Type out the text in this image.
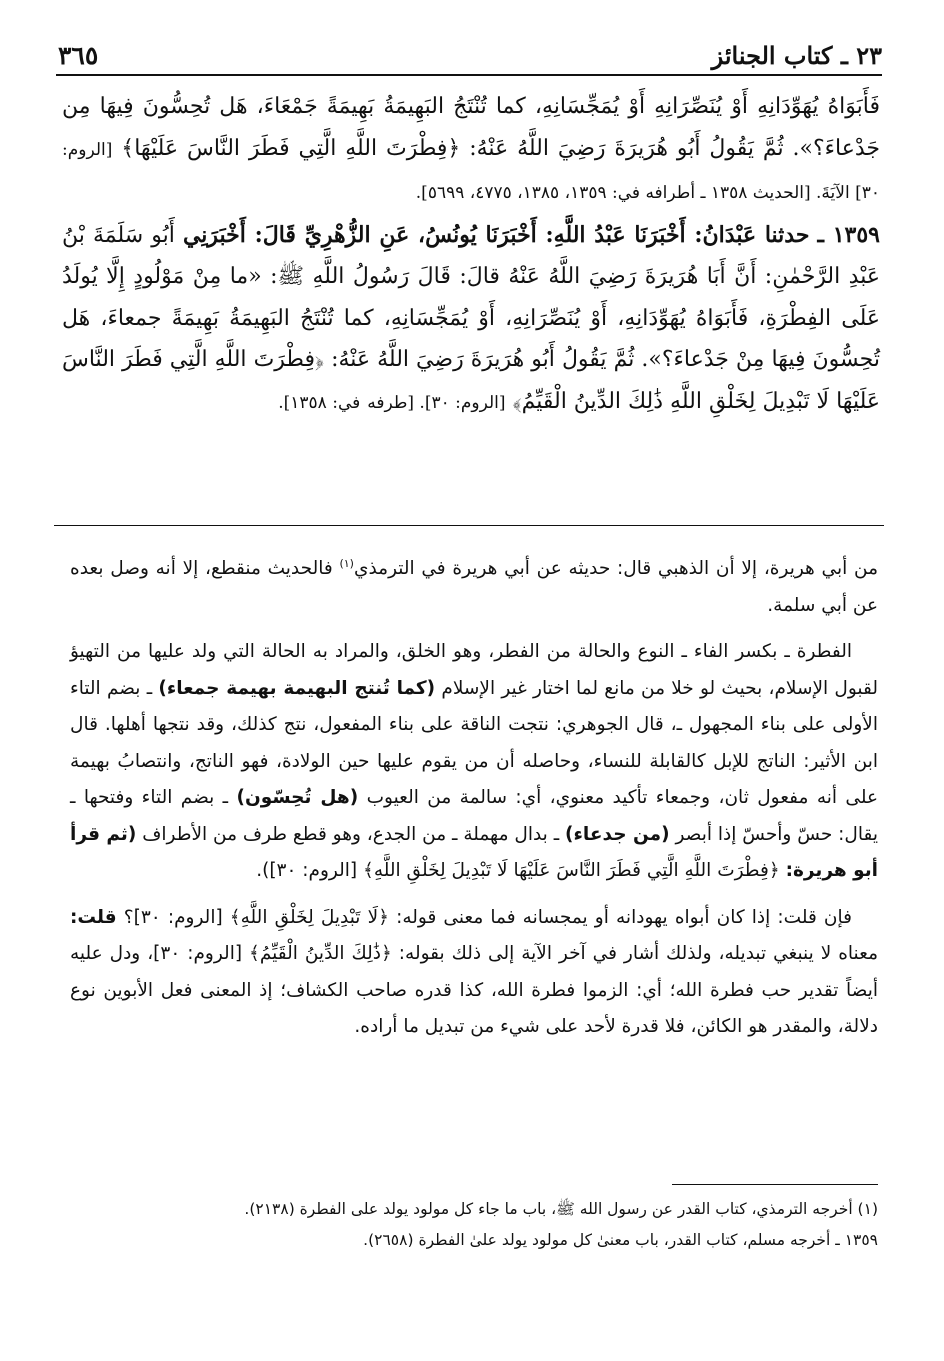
٣٦٥	٢٣ ـ كتاب الجنائز

فَأَبَوَاهُ يُهَوِّدَانِهِ أَوْ يُنَصِّرَانِهِ أَوْ يُمَجِّسَانِهِ، كما تُنْتَجُ البَهِيمَةُ بَهِيمَةً جَمْعَاءَ، هَل تُحِسُّونَ فِيهَا مِن جَدْعاءَ؟». ثُمَّ يَقُولُ أَبُو هُرَيرَةَ رَضِيَ اللَّهُ عَنْهُ: ﴿فِطْرَتَ اللَّهِ الَّتِي فَطَرَ النَّاسَ عَلَيْهَا﴾ [الروم: ٣٠] الآيَةَ. [الحديث ١٣٥٨ ـ أطرافه في: ١٣٥٩، ١٣٨٥، ٤٧٧٥، ٥٦٩٩].

١٣٥٩ ـ حدثنا عَبْدَانُ: أَخْبَرَنَا عَبْدُ اللَّهِ: أَخْبَرَنَا يُونُسُ، عَنِ الزُّهْرِيِّ قَالَ: أَخْبَرَنِي أَبُو سَلَمَةَ بْنُ عَبْدِ الرَّحْمٰنِ: أَنَّ أَبَا هُرَيرَةَ رَضِيَ اللَّهُ عَنْهُ قالَ: قَالَ رَسُولُ اللَّهِ ﷺ: «ما مِنْ مَوْلُودٍ إِلَّا يُولَدُ عَلَى الفِطْرَةِ، فَأَبَوَاهُ يُهَوِّدَانِهِ، أَوْ يُنَصِّرَانِهِ، أَوْ يُمَجِّسَانِهِ، كما تُنْتَجُ البَهِيمَةُ بَهِيمَةً جمعاءَ، هَل تُحِسُّونَ فِيهَا مِنْ جَدْعاءَ؟». ثُمَّ يَقُولُ أَبُو هُرَيرَةَ رَضِيَ اللَّهُ عَنْهُ: ﴿فِطْرَتَ اللَّهِ الَّتِي فَطَرَ النَّاسَ عَلَيْهَا لَا تَبْدِيلَ لِخَلْقِ اللَّهِ ذَٰلِكَ الدِّينُ الْقَيِّمُ﴾ [الروم: ٣٠]. [طرفه في: ١٣٥٨].

من أبي هريرة، إلا أن الذهبي قال: حديثه عن أبي هريرة في الترمذي$^{(١)}$ فالحديث منقطع، إلا أنه وصل بعده عن أبي سلمة.

الفطرة ـ بكسر الفاء ـ النوع والحالة من الفطر، وهو الخلق، والمراد به الحالة التي ولد عليها من التهيؤ لقبول الإسلام، بحيث لو خلا من مانع لما اختار غير الإسلام (كما تُنتج البهيمة بهيمة جمعاء) ـ بضم التاء الأولى على بناء المجهول ـ، قال الجوهري: نتجت الناقة على بناء المفعول، نتج كذلك، وقد نتجها أهلها. قال ابن الأثير: الناتج للإبل كالقابلة للنساء، وحاصله أن من يقوم عليها حين الولادة، فهو الناتج، وانتصابُ بهيمة على أنه مفعول ثان، وجمعاء تأكيد معنوي، أي: سالمة من العيوب (هل تُحِسّون) ـ بضم التاء وفتحها ـ يقال: حسّ وأحسّ إذا أبصر (من جدعاء) ـ بدال مهملة ـ من الجدع، وهو قطع طرف من الأطراف (ثم قرأ أبو هريرة: ﴿فِطْرَتَ اللَّهِ الَّتِي فَطَرَ النَّاسَ عَلَيْهَا لَا تَبْدِيلَ لِخَلْقِ اللَّهِ﴾ [الروم: ٣٠]).

فإن قلت: إذا كان أبواه يهودانه أو يمجسانه فما معنى قوله: ﴿لَا تَبْدِيلَ لِخَلْقِ اللَّهِ﴾ [الروم: ٣٠]؟ قلت: معناه لا ينبغي تبديله، ولذلك أشار في آخر الآية إلى ذلك بقوله: ﴿ذَٰلِكَ الدِّينُ الْقَيِّمُ﴾ [الروم: ٣٠]، ودل عليه أيضاً تقدير حب فطرة الله؛ أي: الزموا فطرة الله، كذا قدره صاحب الكشاف؛ إذ المعنى فعل الأبوين نوع دلالة، والمقدر هو الكائن، فلا قدرة لأحد على شيء من تبديل ما أراده.

(١) أخرجه الترمذي، كتاب القدر عن رسول الله ﷺ، باب ما جاء كل مولود يولد على الفطرة (٢١٣٨).

١٣٥٩ ـ أخرجه مسلم، كتاب القدر، باب معنىٰ كل مولود يولد علىٰ الفطرة (٢٦٥٨).
